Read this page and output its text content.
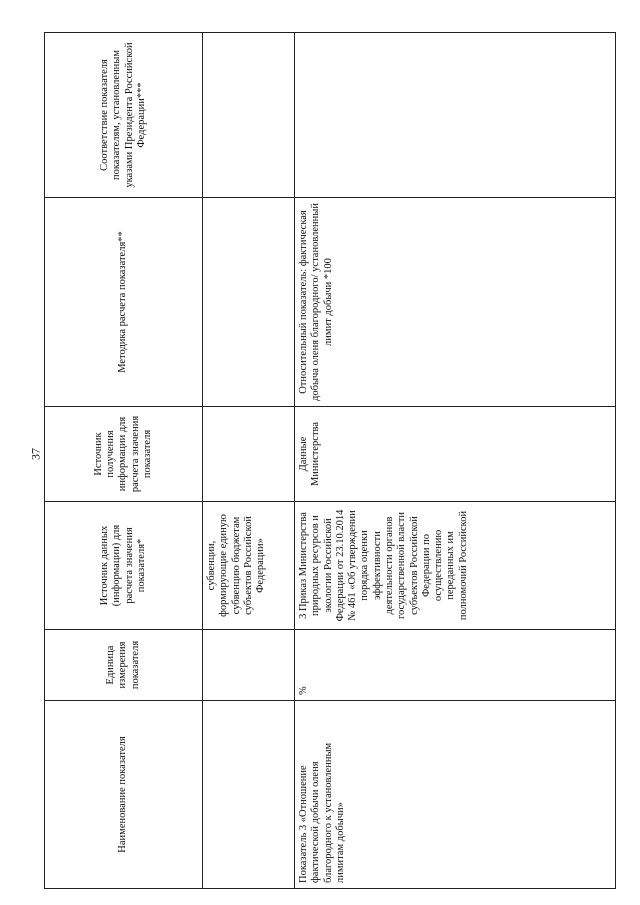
37
Наименование показателя	Единица измерения показателя	Источник данных (информации) для расчета значения показателя*	Источник получения информации для расчета значения показателя	Методика расчета показателя**	Соответствие показателя показателям, установленным указами Президента Российской Федерации***
		субвенции, формирующие единую субвенцию бюджетам субъектов Российской Федерации»			
Показатель 3 «Отношение фактической добычи оленя благородного к установленным лимитам добычи»	%	3 Приказ Министерства природных ресурсов и экологии Российской Федерации от 23.10.2014 № 461 «Об утверждении порядка оценки эффективности деятельности органов государственной власти субъектов Российской Федерации по осуществлению переданных им полномочий Российской	Данные Министерства	Относительный показатель: фактическая добыча оленя благородного/ установленный лимит добычи *100	
